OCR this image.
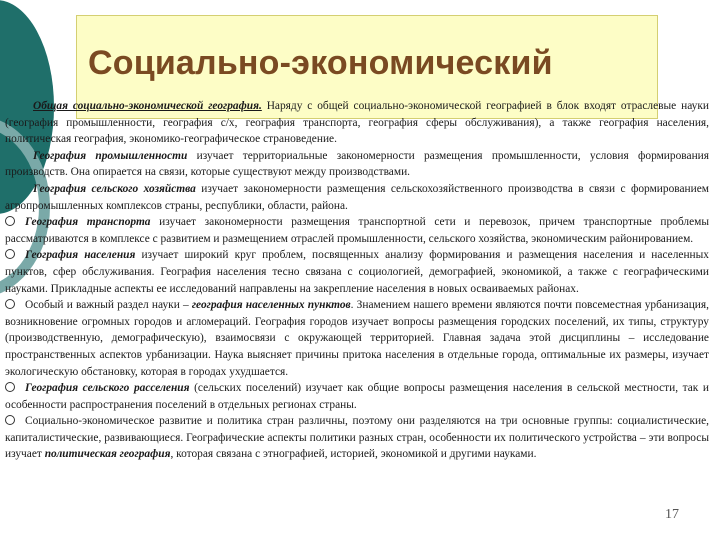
Социально-экономический

Общая социально-экономической география. Наряду с общей социально-экономической географией в блок входят отраслевые науки (география промышленности, география с/х, география транспорта, география сферы обслуживания), а также география населения, политическая география, экономико-географическое страноведение.

География промышленности изучает территориальные закономерности размещения промышленности, условия формирования производств. Она опирается на связи, которые существуют между производствами.

География сельского хозяйства изучает закономерности размещения сельскохозяйственного производства в связи с формированием агропромышленных комплексов страны, республики, области, района.

География транспорта изучает закономерности размещения транспортной сети и перевозок, причем транспортные проблемы рассматриваются в комплексе с развитием и размещением отраслей промышленности, сельского хозяйства, экономическим районированием.

География населения изучает широкий круг проблем, посвященных анализу формирования и размещения населения и населенных пунктов, сфер обслуживания. География населения тесно связана с социологией, демографией, экономикой, а также с географическими науками. Прикладные аспекты ее исследований направлены на закрепление населения в новых осваиваемых районах.

Особый и важный раздел науки – география населенных пунктов. Знамением нашего времени являются почти повсеместная урбанизация, возникновение огромных городов и агломераций. География городов изучает вопросы размещения городских поселений, их типы, структуру (производственную, демографическую), взаимосвязи с окружающей территорией. Главная задача этой дисциплины – исследование пространственных аспектов урбанизации. Наука выясняет причины притока населения в отдельные города, оптимальные их размеры, изучает экологическую обстановку, которая в городах ухудшается.

География сельского расселения (сельских поселений) изучает как общие вопросы размещения населения в сельской местности, так и особенности распространения поселений в отдельных регионах страны.

Социально-экономическое развитие и политика стран различны, поэтому они разделяются на три основные группы: социалистические, капиталистические, развивающиеся. Географические аспекты политики разных стран, особенности их политического устройства – эти вопросы изучает политическая география, которая связана с этнографией, историей, экономикой и другими науками.

17
